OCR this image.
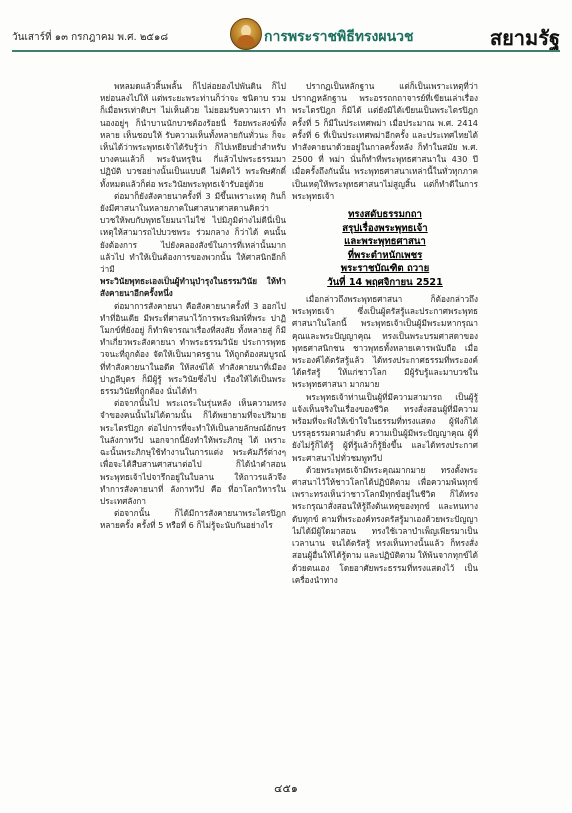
วันเสาร์ที่ ๑๓ กรกฎาคม พ.ศ. ๒๕๑๘	การพระราชพิธีทรงผนวช	สยามรัฐ

พหลมดแล้วสิ้นพลั้น ก็ไปล่อยองไปพันดิน ก็ไปหย่อนลงไปให้ แต่พระยะพระท่านก็ว่าจะ ชนิดาบ รวม ก็เมื่อพรเท่าดิบฯ ไม่เห็นด้วย ไม่ยอมรับความเรา ทำนองอยู่ๆ ก็นำบานนักบวชต้องร้อยนี่ ร้อยพระสงฆ์ทั้งหลาย เห็นชอบให้ รับความเห็นทั้งหลายกันทั่วนะ ก็จะเห็นได้ว่าพระพุทธเจ้าได้รับรู้ว่า ก็ไปเหยียบย่ำสำหรับ บางคนแล้วก็ พระจันทรุจิน กี่แล้วไปพระธรรมมาปฏิบัติ บวชอย่างนั้นเป็นแบบดี ไม่คิดไว้ พระพิษศักดิ์ ทั้งหมดแล้วก็ต่อ พระวินัยพระพุทธเจ้ารับอยู่ด้วย

ต่อมาก็ยังสังคายนาครั้งที่ 3 มีขึ้นเพราะเหตุ กินก็ยังมีศาสนาในหลายภาคในศาสนาศาสดานคิดว่า บวชให้พบกับพุทธโยมนาไม่ใช่ ไปมิภูมิต่างไม่ดีนี่เป็นเหตุให้สามารถไปบวชพระ ร่วมกลาง ก็ว่าได้ คนนั้นยังต้องการ ไปยังคลองสังข์ในการที่เหล่านั้นมากแล้วไป ทำให้เป็นต้องการของพวกนั้น ให้ศาสนิกอีกก็ว่ามี

พระวินัยพุทธะเองเป็นผู้ทำนุบำรุงในธรรมวินัย ให้ทำสังคายนาอีกครั้งหนึ่ง

ต่อมาการสังคายนา คือสังคายนาครั้งที่ 3 ออกไปทำที่อินเดีย มีพระที่ศาสนาไว้การพระพิมพ์ที่พระ ปาฏิโมกข์ที่ยังอยู่ ก็ทำพิจารณาเรื่องที่สงสัย ทั้งหลายสู่ ก็มีทำเกี่ยวพระสังคายนา ทำพระธรรมวินัย ประการพุทธวจนะที่ถูกต้อง จัดให้เป็นมาตรฐาน ให้ถูกต้องสมบูรณ์ ที่ทำสังคายนาในอดีต ให้สงฆ์ได้ ทำสังคายนาที่เมืองปาฏลีบุตร ก็มีผู้รู้ พระวินัยซึ่งไป เรื่องให้ได้เป็นพระธรรมวินัยที่ถูกต้อง นั่นได้ทำ

ต่อจากนั้นไป พระเถระในรุ่นหลัง เห็นความทรงจำของคนนั้นไม่ได้ตามนั้น ก็ได้พยายามที่จะปริมายพระไตรปิฎก ต่อไปการที่จะทำให้เป็นลายลักษณ์อักษร ในลังกาทวีป นอกจากนี้ยังทำให้พระภิกษุ ได้ เพราะฉะนั้นพระภิกษุใช้ทำงานในการแต่ง พระคัมภีร์ต่างๆ เพื่อจะได้สืบสานศาสนาต่อไป ก็ได้นำคำสอนพระพุทธเจ้าไปจารึกอยู่ในใบลาน ให้ถาวรแล้วจึงทำการสังคายนาที่ ลังกาทวีป คือ ที่อาโลกวิหารในประเทศลังกา

ต่อจากนั้น ก็ได้มีการสังคายนาพระไตรปิฎก หลายครั้ง ครั้งที่ 5 หรือที่ 6 ก็ไม่รู้จะนับกันอย่างไร

ปรากฏเป็นหลักฐาน แต่ก็เป็นเพราะเหตุที่ว่าปรากฏหลักฐาน พระอรรถกถาจารย์ที่เขียนเล่าเรื่องพระไตรปิฎก ก็มิได้ แต่ยังมิได้เขียนเป็นพระไตรปิฎก ครั้งที่ 5 ก็มีในประเทศพม่า เมื่อประมาณ พ.ศ. 2414 ครั้งที่ 6 ที่เป็นประเทศพม่าอีกครั้ง และประเทศไทยได้ ทำสังคายนาด้วยอยู่ในกาลครั้งหลัง ก็ทำในสมัย พ.ศ. 2500 ที่ พม่า นั่นก็ทำที่พระพุทธศาสนาใน 430 ปี เมื่อครั้งถึงกันนั้น พระพุทธศาสนาเหล่านี้ในทั่วทุกภาค เป็นเหตุให้พระพุทธศาสนาไม่สูญสิ้น แต่ก็ทำดีในการพระพุทธเจ้า

ทรงสดับธรรมกถา
สรุปเรื่องพระพุทธเจ้า
และพระพุทธศาสนา
ที่พระตำหนักเพชร
พระราชบัณฑิต ถวาย
วันที่ 14 พฤศจิกายน 2521

เมื่อกล่าวถึงพระพุทธศาสนา ก็ต้องกล่าวถึงพระพุทธเจ้า ซึ่งเป็นผู้ตรัสรู้และประกาศพระพุทธศาสนาในโลกนี้ พระพุทธเจ้าเป็นผู้มีพระมหากรุณาคุณและพระปัญญาคุณ ทรงเป็นพระบรมศาสดาของพุทธศาสนิกชน ชาวพุทธทั้งหลายเคารพนับถือ เมื่อพระองค์ได้ตรัสรู้แล้ว ได้ทรงประกาศธรรมที่พระองค์ได้ตรัสรู้ ให้แก่ชาวโลก มีผู้รับรู้และมาบวชในพระพุทธศาสนา มากมาย

พระพุทธเจ้าท่านเป็นผู้ที่มีความสามารถ เป็นผู้รู้แจ้งเห็นจริงในเรื่องของชีวิต ทรงสั่งสอนผู้ที่มีความพร้อมที่จะฟังให้เข้าใจในธรรมที่ทรงแสดง ผู้ฟังก็ได้บรรลุธรรมตามลำดับ ความเป็นผู้มีพระปัญญาคุณ ผู้ที่ยังไม่รู้ก็ได้รู้ ผู้ที่รู้แล้วก็รู้ยิ่งขึ้น และได้ทรงประกาศพระศาสนาไปทั่วชมพูทวีป

ด้วยพระพุทธเจ้ามีพระคุณมากมาย ทรงตั้งพระศาสนาไว้ให้ชาวโลกได้ปฏิบัติตาม เพื่อความพ้นทุกข์ เพราะทรงเห็นว่าชาวโลกมีทุกข์อยู่ในชีวิต ก็ได้ทรงพระกรุณาสั่งสอนให้รู้ถึงต้นเหตุของทุกข์ และหนทางดับทุกข์ ตามที่พระองค์ทรงตรัสรู้มาเองด้วยพระปัญญา ไม่ได้มีผู้ใดมาสอน ทรงใช้เวลาบำเพ็ญเพียรมาเป็นเวลานาน จนได้ตรัสรู้ ทรงเห็นทางนั้นแล้ว ก็ทรงสั่งสอนผู้อื่นให้ได้รู้ตาม และปฏิบัติตาม ให้พ้นจากทุกข์ได้ด้วยตนเอง โดยอาศัยพระธรรมที่ทรงแสดงไว้ เป็นเครื่องนำทาง

๔๕๑
